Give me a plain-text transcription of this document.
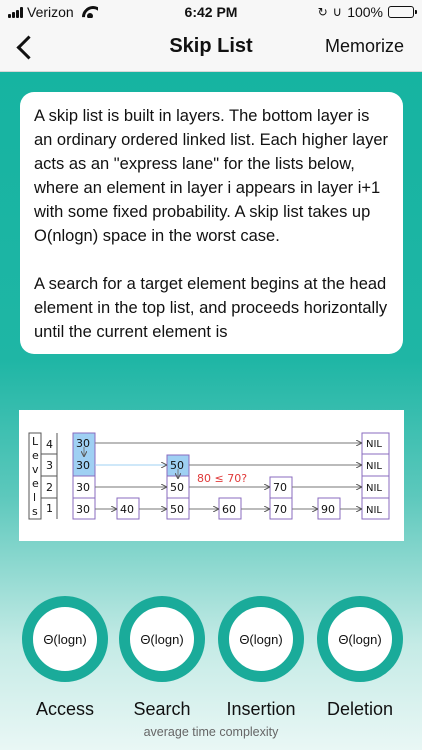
Verizon	6:42 PM	↻ ∪ 100%
Skip List	Memorize

A skip list is built in layers. The bottom layer is an ordinary ordered linked list. Each higher layer acts as an "express lane" for the lists below, where an element in layer i appears in layer i+1 with some fixed probability. A skip list takes up O(nlogn) space in the worst case.

A search for a target element begins at the head element in the top list, and proceeds horizontally until the current element is

L
e
v
e
l
s
4
3
2
1
30
30	50
30	50	70
30	40	50	60	70	90
NIL
NIL
NIL
NIL
80 ≤ 70?
Θ(logn)
Access
Θ(logn)
Search
Θ(logn)
Insertion
Θ(logn)
Deletion
average time complexity
